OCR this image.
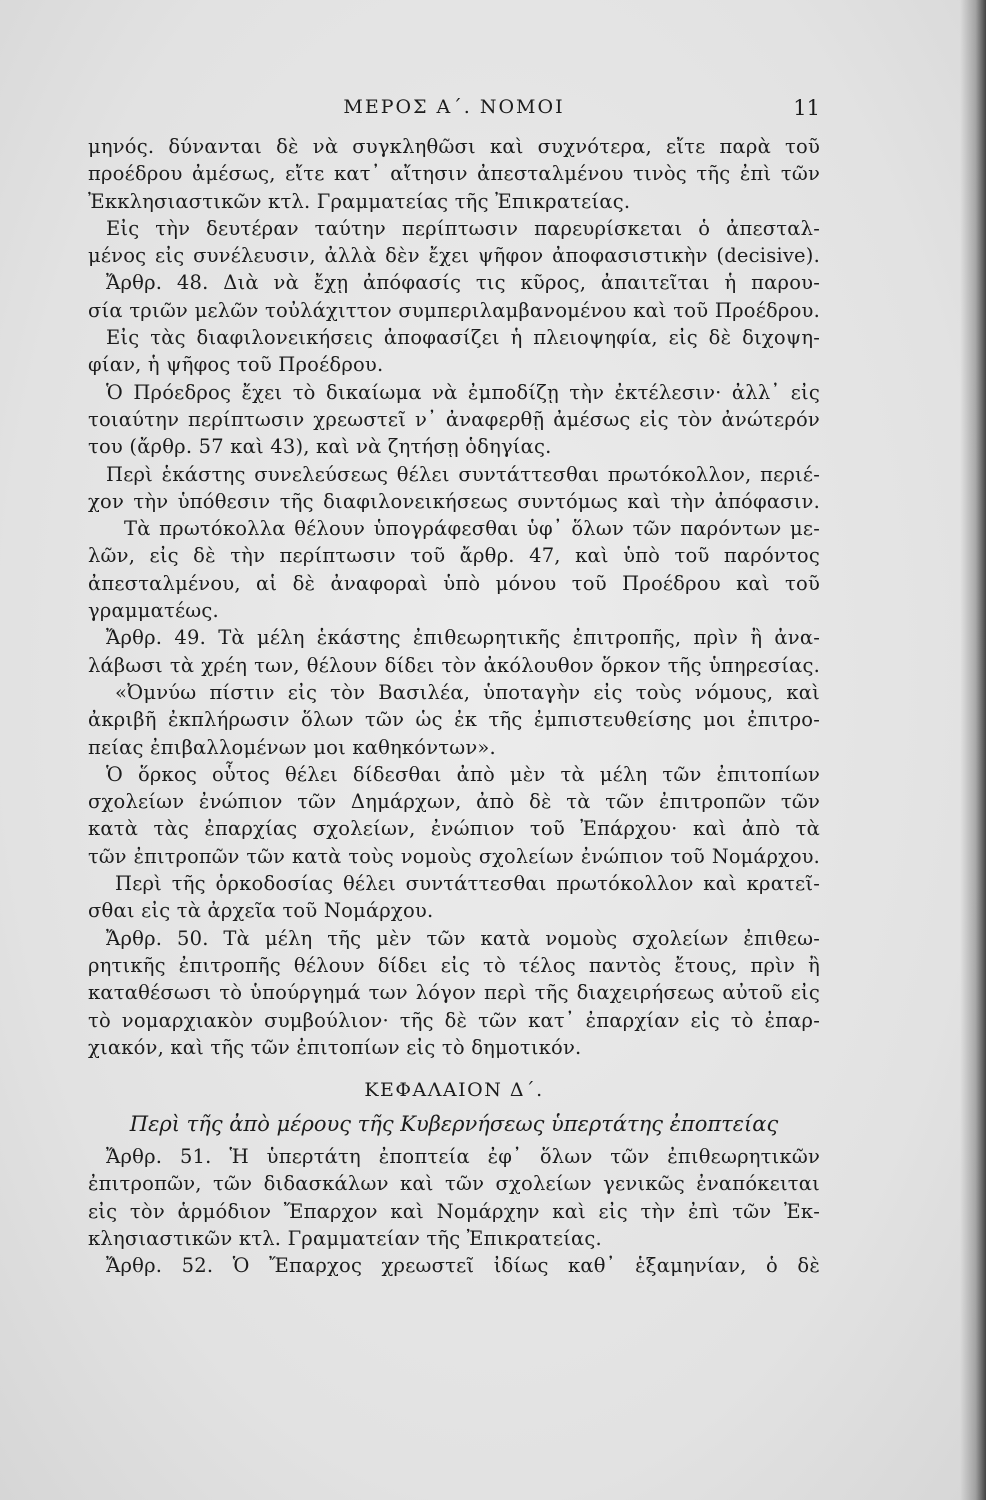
ΜΕΡΟΣ Α΄. ΝΟΜΟΙ	11
μηνός. δύνανται δὲ νὰ συγκληθῶσι καὶ συχνότερα, εἴτε παρὰ τοῦ
προέδρου ἀμέσως, εἴτε κατ᾽ αἴτησιν ἀπεσταλμένου τινὸς τῆς ἐπὶ τῶν
Ἐκκλησιαστικῶν κτλ. Γραμματείας τῆς Ἐπικρατείας.
Εἰς τὴν δευτέραν ταύτην περίπτωσιν παρευρίσκεται ὁ ἀπεσταλ-
μένος εἰς συνέλευσιν, ἀλλὰ δὲν ἔχει ψῆφον ἀποφασιστικὴν (decisive).
Ἄρθρ. 48. Διὰ νὰ ἔχῃ ἀπόφασίς τις κῦρος, ἀπαιτεῖται ἡ παρου-
σία τριῶν μελῶν τοὐλάχιττον συμπεριλαμβανομένου καὶ τοῦ Προέδρου.
Εἰς τὰς διαφιλονεικήσεις ἀποφασίζει ἡ πλειοψηφία, εἰς δὲ διχοψη-
φίαν, ἡ ψῆφος τοῦ Προέδρου.
Ὁ Πρόεδρος ἔχει τὸ δικαίωμα νὰ ἐμποδίζῃ τὴν ἐκτέλεσιν· ἀλλ᾽ εἰς
τοιαύτην περίπτωσιν χρεωστεῖ ν᾽ ἀναφερθῇ ἀμέσως εἰς τὸν ἀνώτερόν
του (ἄρθρ. 57 καὶ 43), καὶ νὰ ζητήσῃ ὁδηγίας.
Περὶ ἑκάστης συνελεύσεως θέλει συντάττεσθαι πρωτόκολλον, περιέ-
χον τὴν ὑπόθεσιν τῆς διαφιλονεικήσεως συντόμως καὶ τὴν ἀπόφασιν.
Τὰ πρωτόκολλα θέλουν ὑπογράφεσθαι ὑφ᾽ ὅλων τῶν παρόντων με-
λῶν, εἰς δὲ τὴν περίπτωσιν τοῦ ἄρθρ. 47, καὶ ὑπὸ τοῦ παρόντος
ἀπεσταλμένου, αἱ δὲ ἀναφοραὶ ὑπὸ μόνου τοῦ Προέδρου καὶ τοῦ
γραμματέως.
Ἄρθρ. 49. Τὰ μέλη ἑκάστης ἐπιθεωρητικῆς ἐπιτροπῆς, πρὶν ἢ ἀνα-
λάβωσι τὰ χρέη των, θέλουν δίδει τὸν ἀκόλουθον ὅρκον τῆς ὑπηρεσίας.
«Ὀμνύω πίστιν εἰς τὸν Βασιλέα, ὑποταγὴν εἰς τοὺς νόμους, καὶ
ἀκριβῆ ἐκπλήρωσιν ὅλων τῶν ὡς ἐκ τῆς ἐμπιστευθείσης μοι ἐπιτρο-
πείας ἐπιβαλλομένων μοι καθηκόντων».
Ὁ ὅρκος οὗτος θέλει δίδεσθαι ἀπὸ μὲν τὰ μέλη τῶν ἐπιτοπίων
σχολείων ἐνώπιον τῶν Δημάρχων, ἀπὸ δὲ τὰ τῶν ἐπιτροπῶν τῶν
κατὰ τὰς ἐπαρχίας σχολείων, ἐνώπιον τοῦ Ἐπάρχου· καὶ ἀπὸ τὰ
τῶν ἐπιτροπῶν τῶν κατὰ τοὺς νομοὺς σχολείων ἐνώπιον τοῦ Νομάρχου.
Περὶ τῆς ὁρκοδοσίας θέλει συντάττεσθαι πρωτόκολλον καὶ κρατεῖ-
σθαι εἰς τὰ ἀρχεῖα τοῦ Νομάρχου.
Ἄρθρ. 50. Τὰ μέλη τῆς μὲν τῶν κατὰ νομοὺς σχολείων ἐπιθεω-
ρητικῆς ἐπιτροπῆς θέλουν δίδει εἰς τὸ τέλος παντὸς ἔτους, πρὶν ἢ
καταθέσωσι τὸ ὑπούργημά των λόγον περὶ τῆς διαχειρήσεως αὐτοῦ εἰς
τὸ νομαρχιακὸν συμβούλιον· τῆς δὲ τῶν κατ᾽ ἐπαρχίαν εἰς τὸ ἐπαρ-
χιακόν, καὶ τῆς τῶν ἐπιτοπίων εἰς τὸ δημοτικόν.
ΚΕΦΑΛΑΙΟΝ Δ΄.
Περὶ τῆς ἀπὸ μέρους τῆς Κυβερνήσεως ὑπερτάτης ἐποπτείας
Ἄρθρ. 51. Ἡ ὑπερτάτη ἐποπτεία ἐφ᾽ ὅλων τῶν ἐπιθεωρητικῶν
ἐπιτροπῶν, τῶν διδασκάλων καὶ τῶν σχολείων γενικῶς ἐναπόκειται
εἰς τὸν ἁρμόδιον Ἔπαρχον καὶ Νομάρχην καὶ εἰς τὴν ἐπὶ τῶν Ἐκ-
κλησιαστικῶν κτλ. Γραμματείαν τῆς Ἐπικρατείας.
Ἄρθρ. 52. Ὁ Ἔπαρχος χρεωστεῖ ἰδίως καθ᾽ ἑξαμηνίαν, ὁ δὲ
